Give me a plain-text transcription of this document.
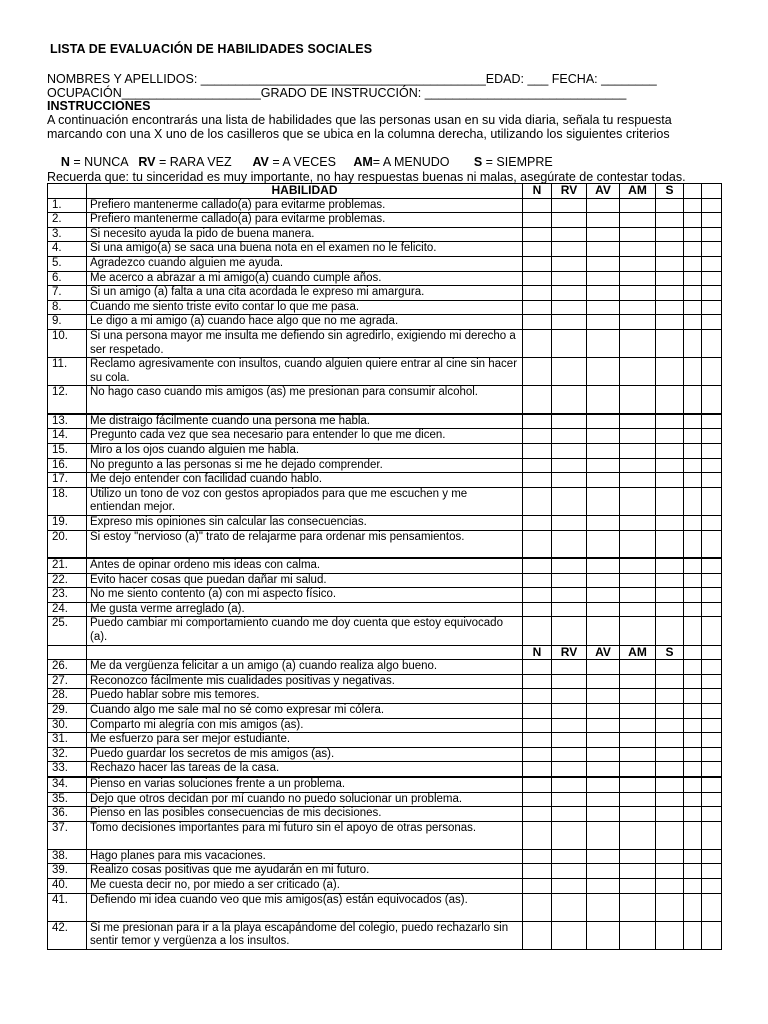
LISTA DE EVALUACIÓN DE HABILIDADES SOCIALES
NOMBRES Y APELLIDOS: _________________________________________EDAD: ___ FECHA: ________
OCUPACIÓN____________________GRADO DE INSTRUCCIÓN: _____________________________
INSTRUCCIONES
A continuación encontrarás una lista de habilidades que las personas usan en su vida diaria, señala tu respuesta
marcando con una X uno de los casilleros que se ubica en la columna derecha, utilizando los siguientes criterios

N = NUNCA RV = RARA VEZ AV = A VECES AM= A MENUDO S = SIEMPRE

Recuerda que: tu sinceridad es muy importante, no hay respuestas buenas ni malas, asegúrate de contestar todas.
	HABILIDAD	N	RV	AV	AM	S		
1.	Prefiero mantenerme callado(a) para evitarme problemas.							
2.	Prefiero mantenerme callado(a) para evitarme problemas.							
3.	Si necesito ayuda la pido de buena manera.							
4.	Si una amigo(a) se saca una buena nota en el examen no le felicito.							
5.	Agradezco cuando alguien me ayuda.							
6.	Me acerco a abrazar a mi amigo(a) cuando cumple años.							
7.	Si un amigo (a) falta a una cita acordada le expreso mi amargura.							
8.	Cuando me siento triste evito contar lo que me pasa.							
9.	Le digo a mi amigo (a) cuando hace algo que no me agrada.							
10.	Si una persona mayor me insulta me defiendo sin agredirlo, exigiendo mi derecho a ser respetado.							
11.	Reclamo agresivamente con insultos, cuando alguien quiere entrar al cine sin hacer su cola.							
12.	No hago caso cuando mis amigos (as) me presionan para consumir alcohol.							
13.	Me distraigo fácilmente cuando una persona me habla.							
14.	Pregunto cada vez que sea necesario para entender lo que me dicen.							
15.	Miro a los ojos cuando alguien me habla.							
16.	No pregunto a las personas si me he dejado comprender.							
17.	Me dejo entender con facilidad cuando hablo.							
18.	Utilizo un tono de voz con gestos apropiados para que me escuchen y me entiendan mejor.							
19.	Expreso mis opiniones sin calcular las consecuencias.							
20.	Si estoy "nervioso (a)" trato de relajarme para ordenar mis pensamientos.							
21.	Antes de opinar ordeno mis ideas con calma.							
22.	Evito hacer cosas que puedan dañar mi salud.							
23.	No me siento contento (a) con mi aspecto físico.							
24.	Me gusta verme arreglado (a).							
25.	Puedo cambiar mi comportamiento cuando me doy cuenta que estoy equivocado (a).							
		N	RV	AV	AM	S		
26.	Me da vergüenza felicitar a un amigo (a) cuando realiza algo bueno.							
27.	Reconozco fácilmente mis cualidades positivas y negativas.							
28.	Puedo hablar sobre mis temores.							
29.	Cuando algo me sale mal no sé como expresar mi cólera.							
30.	Comparto mi alegría con mis amigos (as).							
31.	Me esfuerzo para ser mejor estudiante.							
32.	Puedo guardar los secretos de mis amigos (as).							
33.	Rechazo hacer las tareas de la casa.							
34.	Pienso en varias soluciones frente a un problema.							
35.	Dejo que otros decidan por mí cuando no puedo solucionar un problema.							
36.	Pienso en las posibles consecuencias de mis decisiones.							
37.	Tomo decisiones importantes para mi futuro sin el apoyo de otras personas.							
38.	Hago planes para mis vacaciones.							
39.	Realizo cosas positivas que me ayudarán en mi futuro.							
40.	Me cuesta decir no, por miedo a ser criticado (a).							
41.	Defiendo mi idea cuando veo que mis amigos(as) están equivocados (as).							
42.	Si me presionan para ir a la playa escapándome del colegio, puedo rechazarlo sin sentir temor y vergüenza a los insultos.							
